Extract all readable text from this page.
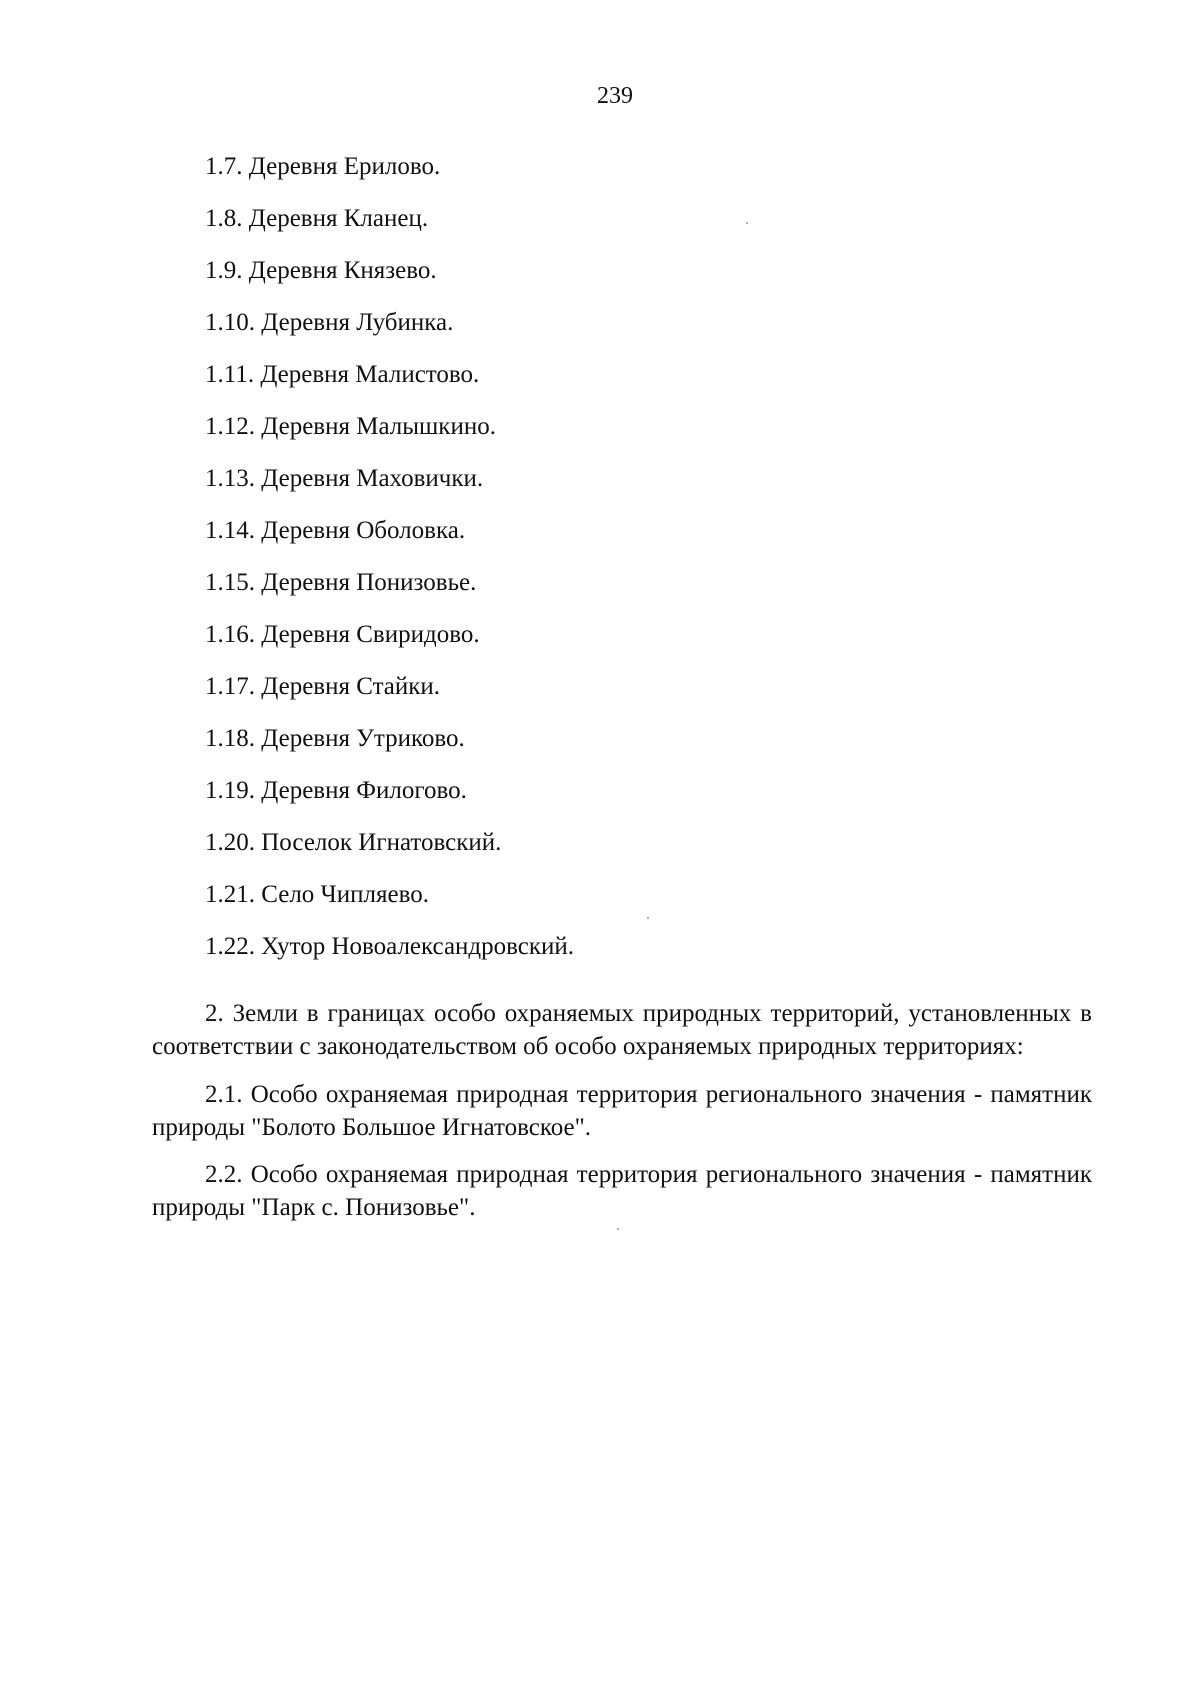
239
1.7. Деревня Ерилово.
1.8. Деревня Кланец.
1.9. Деревня Князево.
1.10. Деревня Лубинка.
1.11. Деревня Малистово.
1.12. Деревня Малышкино.
1.13. Деревня Маховички.
1.14. Деревня Оболовка.
1.15. Деревня Понизовье.
1.16. Деревня Свиридово.
1.17. Деревня Стайки.
1.18. Деревня Утриково.
1.19. Деревня Филогово.
1.20. Поселок Игнатовский.
1.21. Село Чипляево.
1.22. Хутор Новоалександровский.

2. Земли в границах особо охраняемых природных территорий, установленных в соответствии с законодательством об особо охраняемых природных территориях:

2.1. Особо охраняемая природная территория регионального значения - памятник природы "Болото Большое Игнатовское".

2.2. Особо охраняемая природная территория регионального значения - памятник природы "Парк с. Понизовье".
